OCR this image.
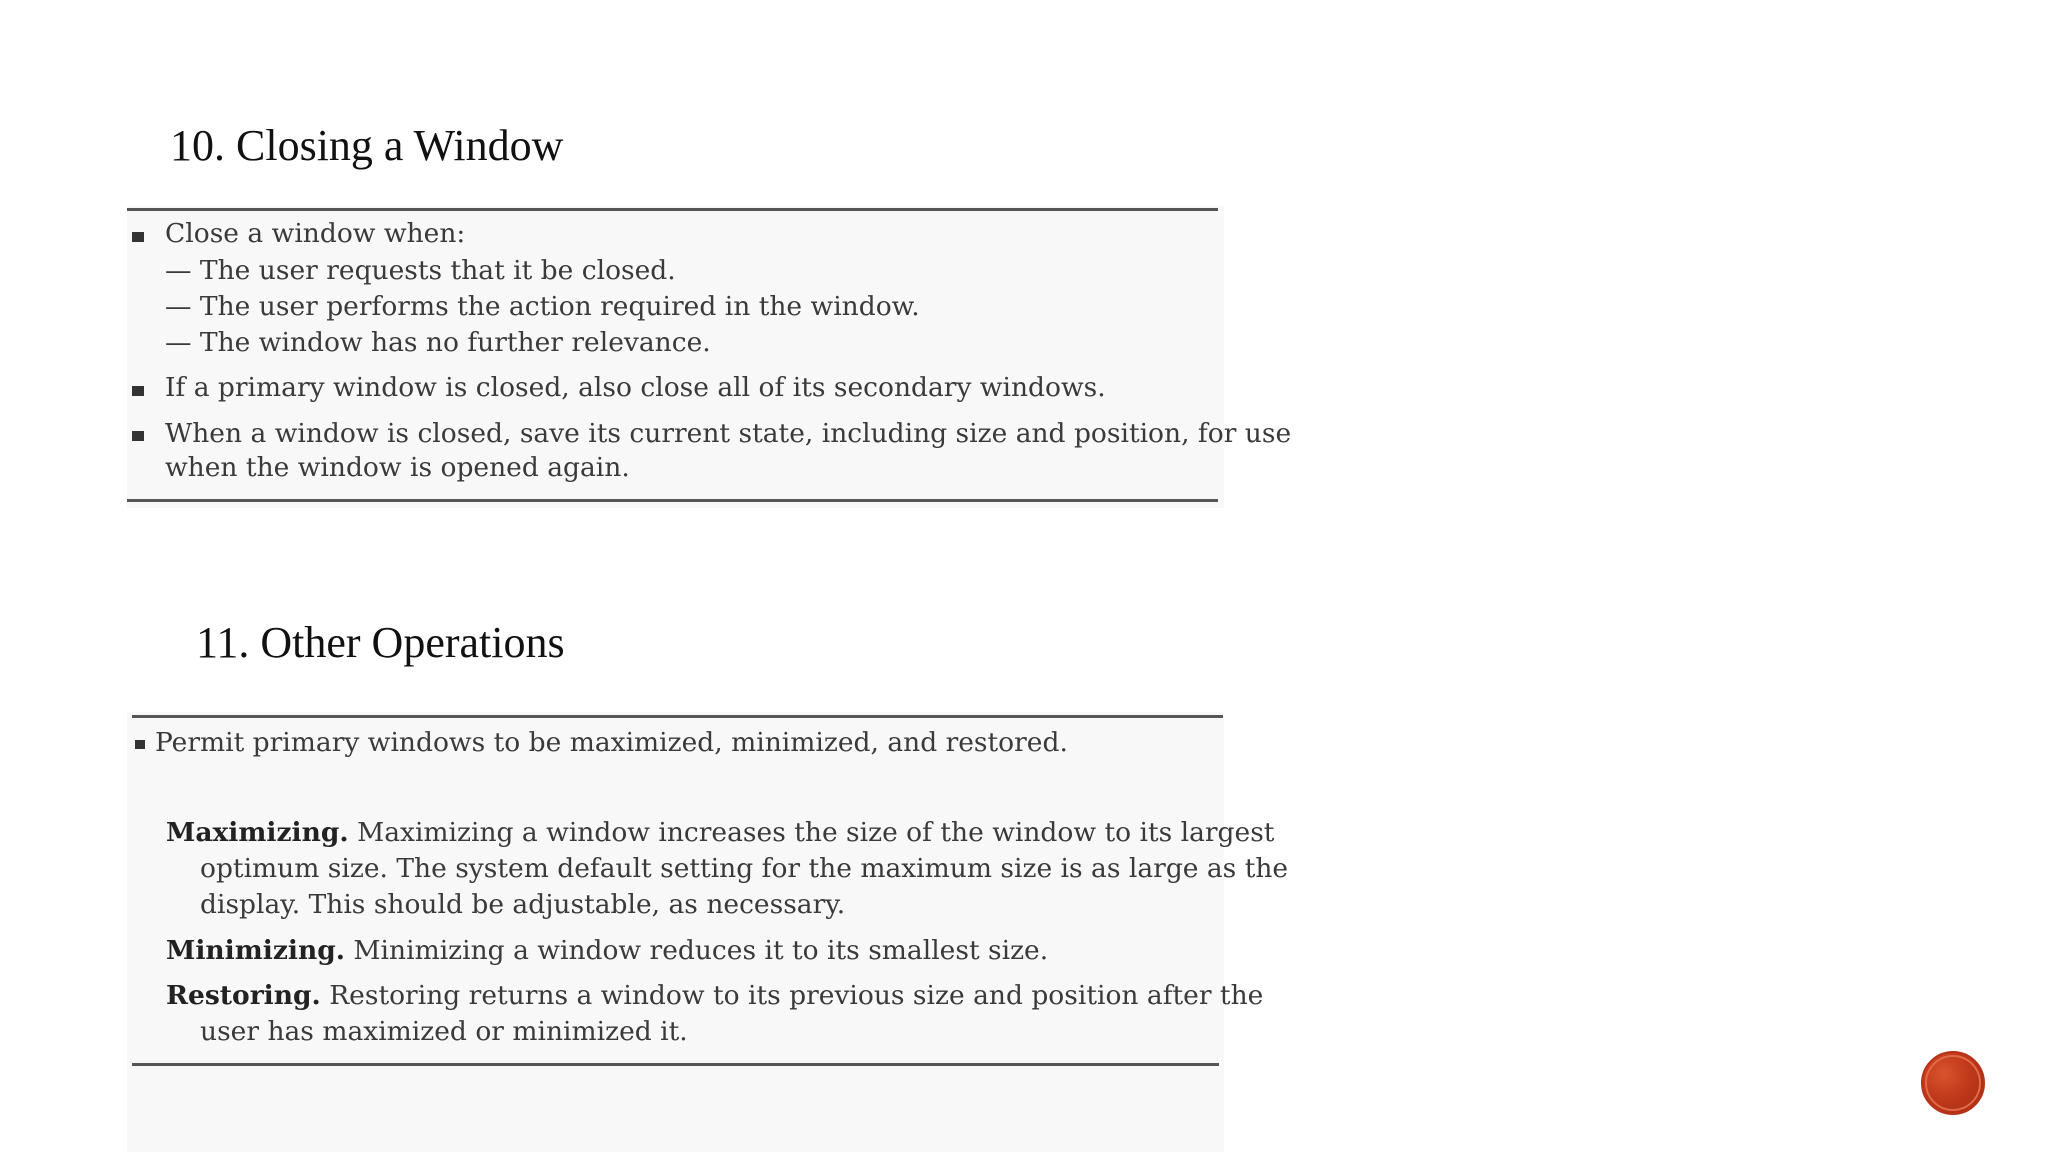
10. Closing a Window
Close a window when:
— The user requests that it be closed.
— The user performs the action required in the window.
— The window has no further relevance.
If a primary window is closed, also close all of its secondary windows.
When a window is closed, save its current state, including size and position, for use
when the window is opened again.
11. Other Operations
Permit primary windows to be maximized, minimized, and restored.
Maximizing. Maximizing a window increases the size of the window to its largest
optimum size. The system default setting for the maximum size is as large as the
display. This should be adjustable, as necessary.
Minimizing. Minimizing a window reduces it to its smallest size.
Restoring. Restoring returns a window to its previous size and position after the
user has maximized or minimized it.
